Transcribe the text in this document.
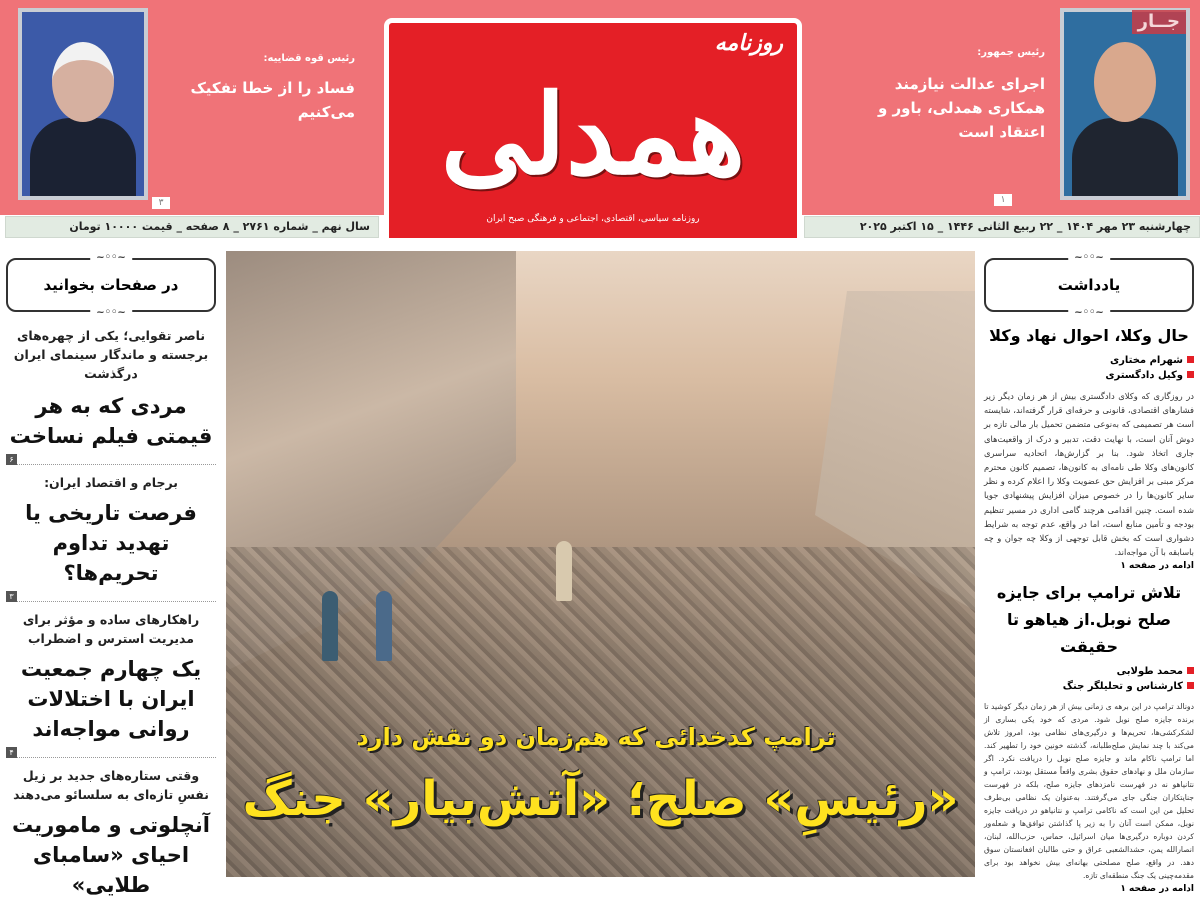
جــار
رئیس جمهور:
اجرای عدالت نیازمند همکاری همدلی، باور و اعتقاد است
۱
رئیس قوه قضاییه:
فساد را از خطا تفکیک می‌کنیم
۳
روزنامه
همدلی
روزنامه سیاسی، اقتصادی، اجتماعی و فرهنگی صبح ایران
چهارشنبه ۲۳ مهر ۱۴۰۴ _ ۲۲ ربیع الثانی ۱۴۴۶ _ ۱۵ اکتبر ۲۰۲۵
سال نهم _ شماره ۲۷۶۱ _ ۸ صفحه _ قیمت ۱۰۰۰۰ تومان
~◦◦~ در صفحات بخوانید ~◦◦~
ناصر تقوایی؛ یکی از چهره‌های برجسته و ماندگار سینمای ایران درگذشت
مردی که به هر قیمتی فیلم نساخت
۶
برجام و اقتصاد ایران:
فرصت تاریخی یا تهدید تداوم تحریم‌ها؟
۳
راهکارهای ساده و مؤثر برای مدیریت استرس و اضطراب
یک چهارم جمعیت ایران با اختلالات روانی مواجه‌اند
۴
وقتی ستاره‌های جدید بر زیل نفسِ تازه‌ای به سلسائو می‌دهند
آنچلوتی و ماموریت احیای «سامبای طلایی»
ترامپ کدخدائی که هم‌زمان دو نقش دارد
«رئیسِ» صلح؛ «آتش‌بیار» جنگ
~◦◦~ یادداشت ~◦◦~
حال وکلا، احوال نهاد وکلا
شهرام مختاری
وکیل دادگستری
در روزگاری که وکلای دادگستری بیش از هر زمان دیگر زیر فشارهای اقتصادی، قانونی و حرفه‌ای قرار گرفته‌اند، شایسته است هر تصمیمی که به‌نوعی متضمن تحمیل بار مالی تازه بر دوش آنان است، با نهایت دقت، تدبیر و درک از واقعیت‌های جاری اتخاذ شود. بنا بر گزارش‌ها، اتحادیه سراسری کانون‌های وکلا طی نامه‌ای به کانون‌ها، تصمیم کانون محترم مرکز مبنی بر افزایش حق عضویت وکلا را اعلام کرده و نظر سایر کانون‌ها را در خصوص میزان افزایش پیشنهادی جویا شده است. چنین اقدامی هرچند گامی اداری در مسیر تنظیم بودجه و تأمین منابع است، اما در واقع، عدم توجه به شرایط دشواری است که بخش قابل توجهی از وکلا چه جوان و چه باسابقه با آن مواجه‌اند.
ادامه در صفحه ۱
تلاش ترامپ برای جایزه صلح نوبل.از هیاهو تا حقیقت
محمد طولابی
کارشناس و تحلیلگر جنگ
دونالد ترامپ در این برهه ی زمانی بیش از هر زمان دیگر کوشید تا برنده جایزه صلح نوبل شود. مردی که خود یکی بساری از لشکرکشی‌ها، تحریم‌ها و درگیری‌های نظامی بود، امروز تلاش می‌کند با چند نمایش صلح‌طلبانه، گذشته خونین خود را تطهیر کند. اما ترامپ ناکام ماند و جایزه صلح نوبل را دریافت نکرد. اگر سازمان ملل و نهادهای حقوق بشری واقعاً مستقل بودند، ترامپ و نتانیاهو نه در فهرست نامزدهای جایزه صلح، بلکه در فهرست جنایتکاران جنگی جای می‌گرفتند. به‌عنوان یک نظامی بی‌طرف تحلیل من این است که ناکامی ترامپ و نتانیاهو در دریافت جایزه نوبل، ممکن است آنان را به زیر پا گذاشتن توافق‌ها و شعله‌ور کردن دوباره درگیری‌ها میان اسرائیل، حماس، حزب‌الله، لبنان، انصارالله یمن، حشدالشعبی عراق و حتی طالبان افغانستان سوق دهد. در واقع، صلح مصلحتی بهانه‌ای بیش نخواهد بود برای مقدمه‌چینی یک جنگ منطقه‌ای تازه.
ادامه در صفحه ۱
